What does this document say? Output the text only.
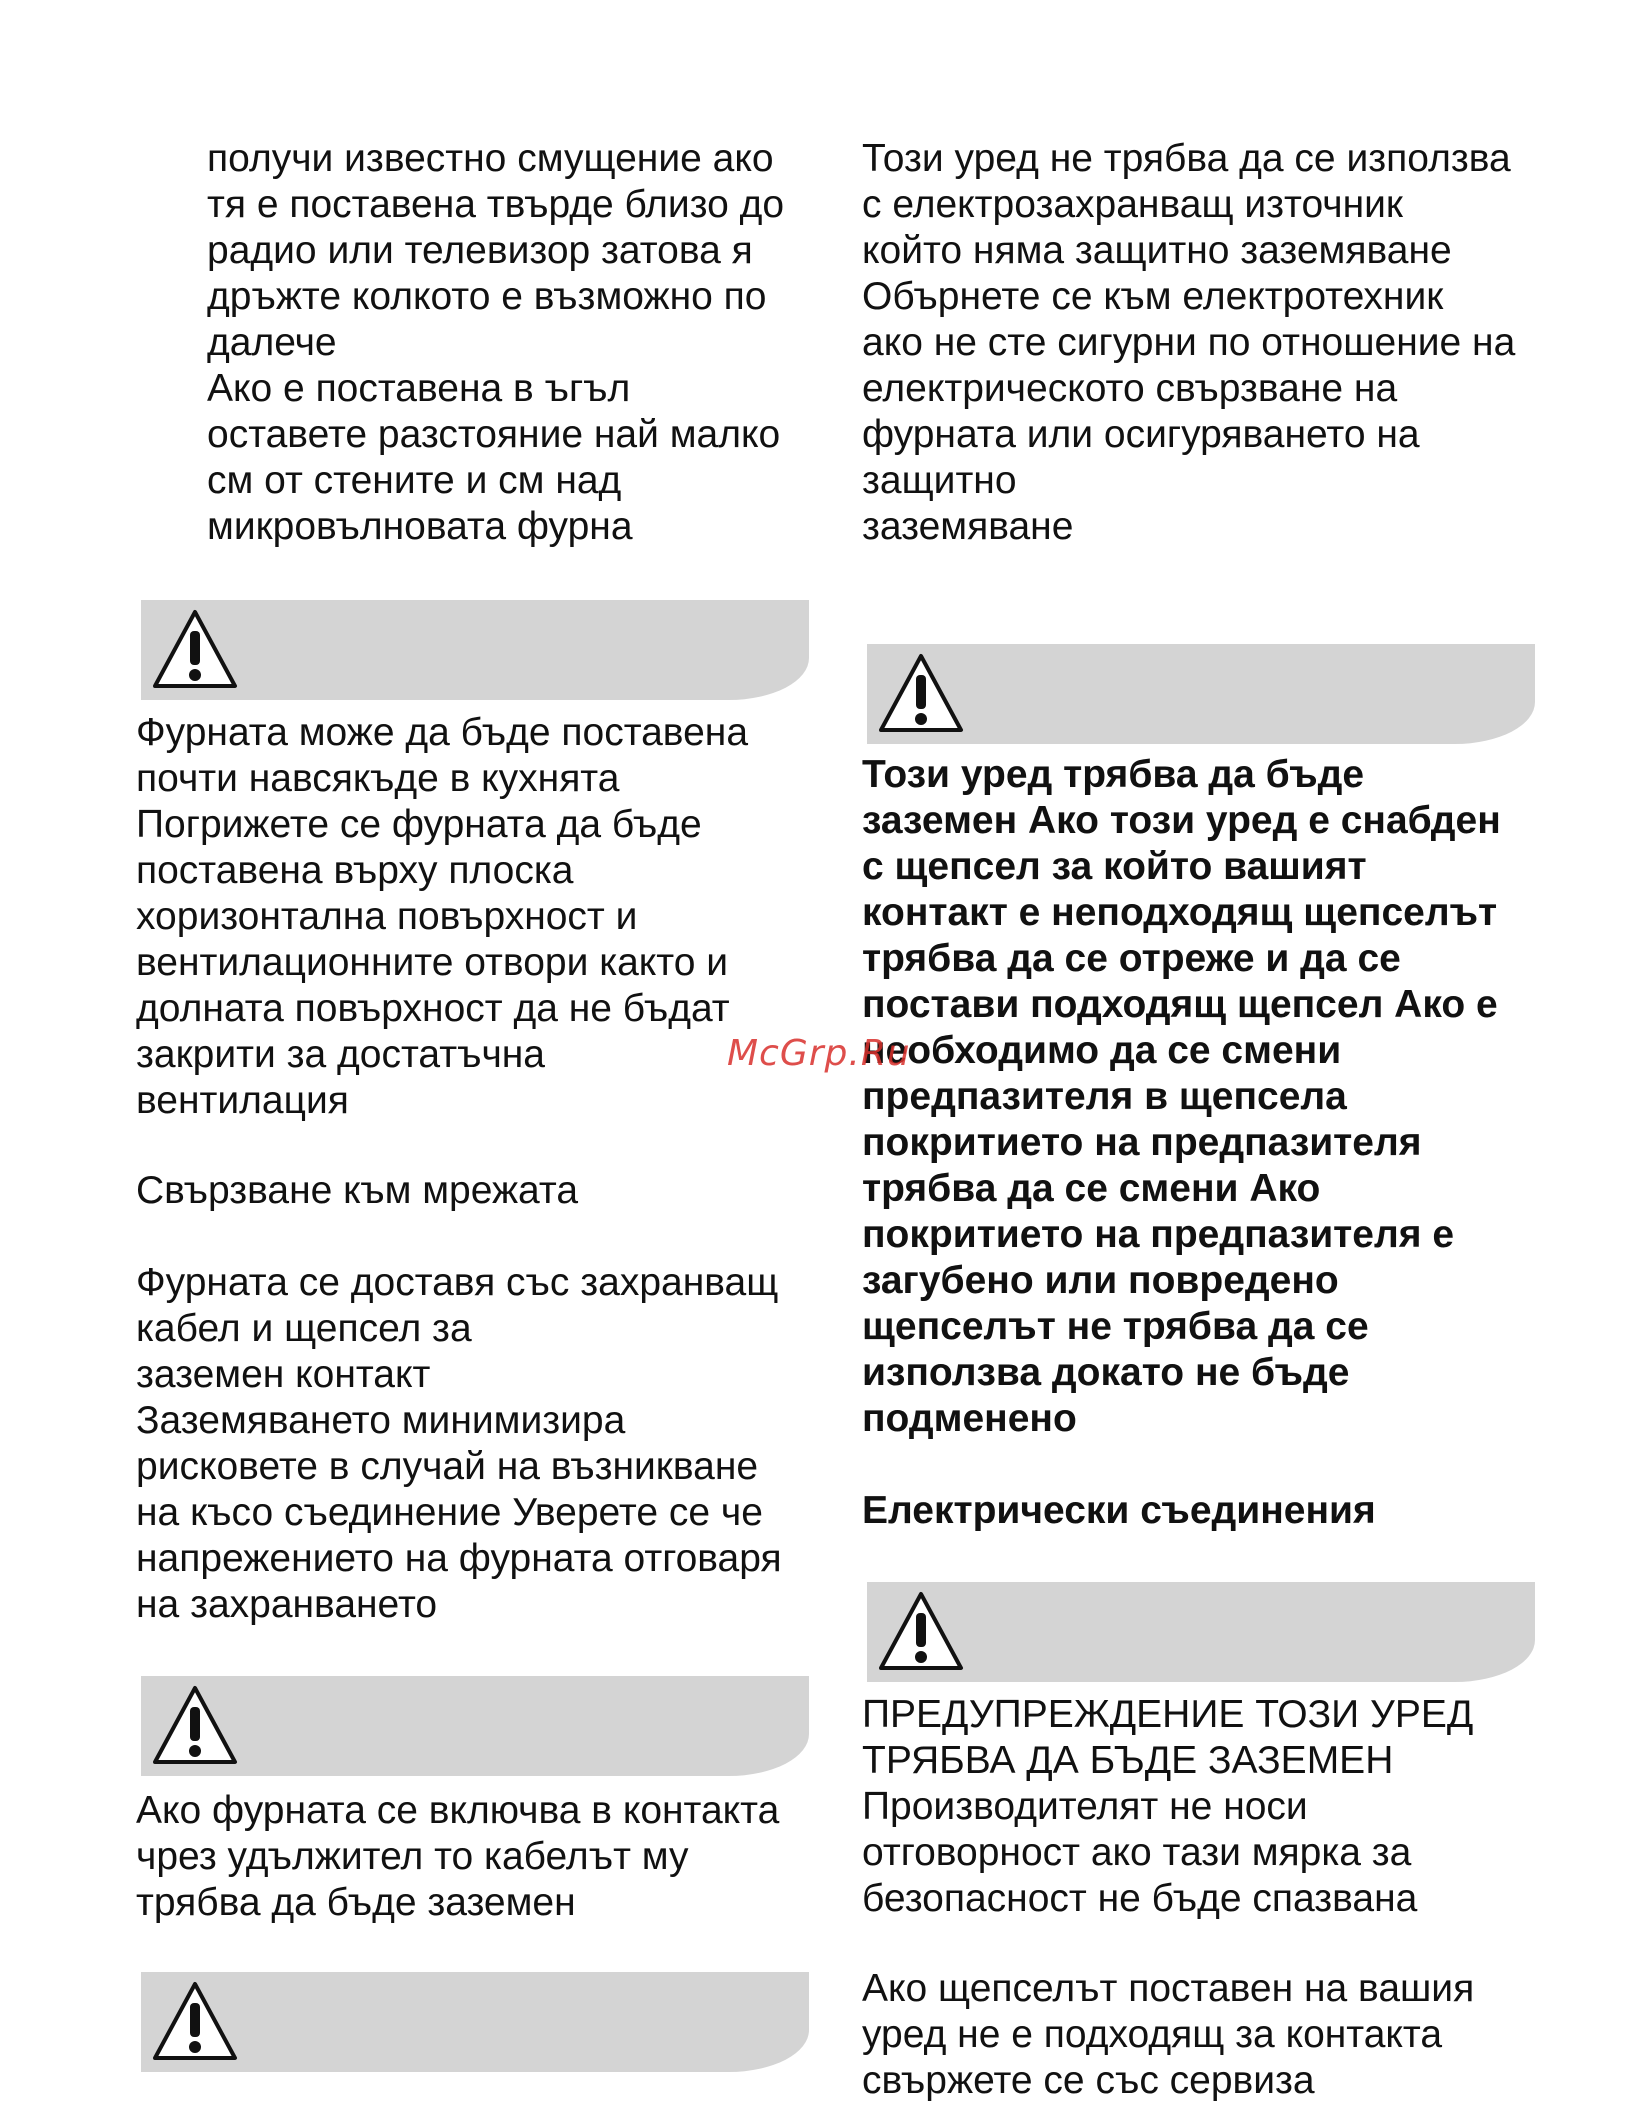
получи известно смущение ако
тя е поставена твърде близо до
радио или телевизор затова я
дръжте колкото е възможно по
далече
Ако е поставена в ъгъл
оставете разстояние най малко
см от стените и см над
микровълновата фурна

Фурната може да бъде поставена
почти навсякъде в кухнята
Погрижете се фурната да бъде
поставена върху плоска
хоризонтална повърхност и
вентилационните отвори както и
долната повърхност да не бъдат
закрити за достатъчна
вентилация

Свързване към мрежата

Фурната се доставя със захранващ
кабел и щепсел за
заземен контакт
Заземяването минимизира
рисковете в случай на възникване
на късо съединение Уверете се че
напрежението на фурната отговаря
на захранването

Ако фурната се включва в контакта
чрез удължител то кабелът му
трябва да бъде заземен

Този уред не трябва да се използва
с електрозахранващ източник
който няма защитно заземяване
Обърнете се към електротехник
ако не сте сигурни по отношение на
електрическото свързване на
фурната или осигуряването на
защитно
заземяване

Този уред трябва да бъде
заземен Ако този уред е снабден
с щепсел за който вашият
контакт е неподходящ щепселът
трябва да се отреже и да се
постави подходящ щепсел Ако е
необходимо да се смени
предпазителя в щепсела
покритието на предпазителя
трябва да се смени Ако
покритието на предпазителя е
загубено или повредено
щепселът не трябва да се
използва докато не бъде
подменено

Електрически съединения

ПРЕДУПРЕЖДЕНИЕ ТОЗИ УРЕД
ТРЯБВА ДА БЪДЕ ЗАЗЕМЕН
Производителят не носи
отговорност ако тази мярка за
безопасност не бъде спазвана

Ако щепселът поставен на вашия
уред не е подходящ за контакта
свържете се със сервиза

McGrp.Ru
